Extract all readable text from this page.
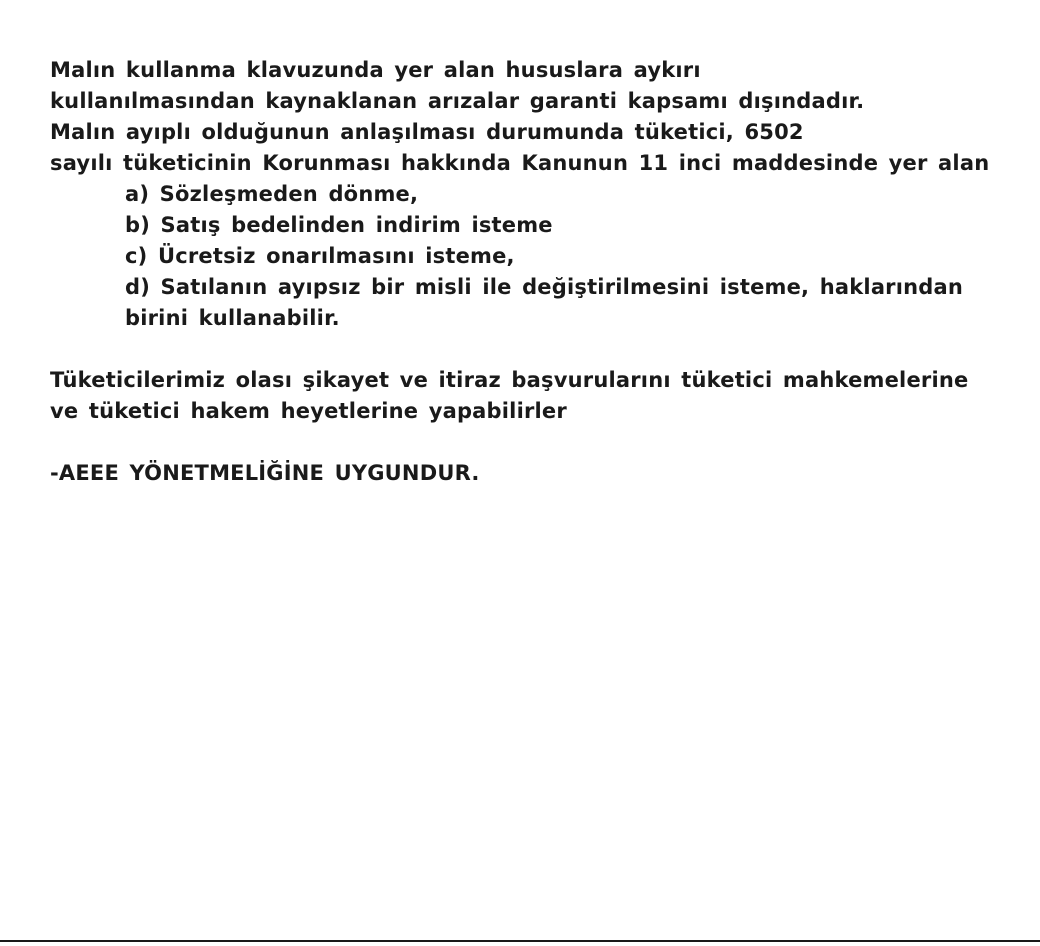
Malın kullanma klavuzunda yer alan hususlara aykırı
kullanılmasından kaynaklanan arızalar garanti kapsamı dışındadır.
Malın ayıplı olduğunun anlaşılması durumunda tüketici, 6502
sayılı tüketicinin Korunması hakkında Kanunun 11 inci maddesinde yer alan
a) Sözleşmeden dönme,
b) Satış bedelinden indirim isteme
c) Ücretsiz onarılmasını isteme,
d) Satılanın ayıpsız bir misli ile değiştirilmesini isteme, haklarından
birini kullanabilir.
Tüketicilerimiz olası şikayet ve itiraz başvurularını tüketici mahkemelerine
ve tüketici hakem heyetlerine yapabilirler
-AEEE YÖNETMELİĞİNE UYGUNDUR.
